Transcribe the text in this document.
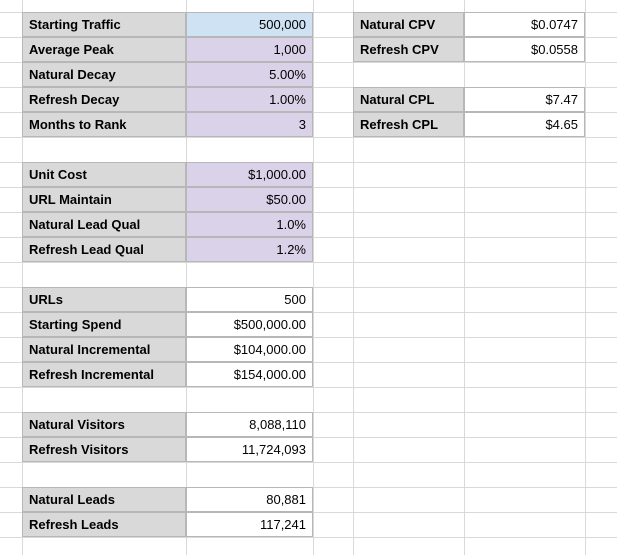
Starting Traffic	500,000
Average Peak	1,000
Natural Decay	5.00%
Refresh Decay	1.00%
Months to Rank	3
Unit Cost	$1,000.00
URL Maintain	$50.00
Natural Lead Qual	1.0%
Refresh Lead Qual	1.2%
URLs	500
Starting Spend	$500,000.00
Natural Incremental	$104,000.00
Refresh Incremental	$154,000.00
Natural Visitors	8,088,110
Refresh Visitors	11,724,093
Natural Leads	80,881
Refresh Leads	117,241
Natural CPV	$0.0747
Refresh CPV	$0.0558
Natural CPL	$7.47
Refresh CPL	$4.65
